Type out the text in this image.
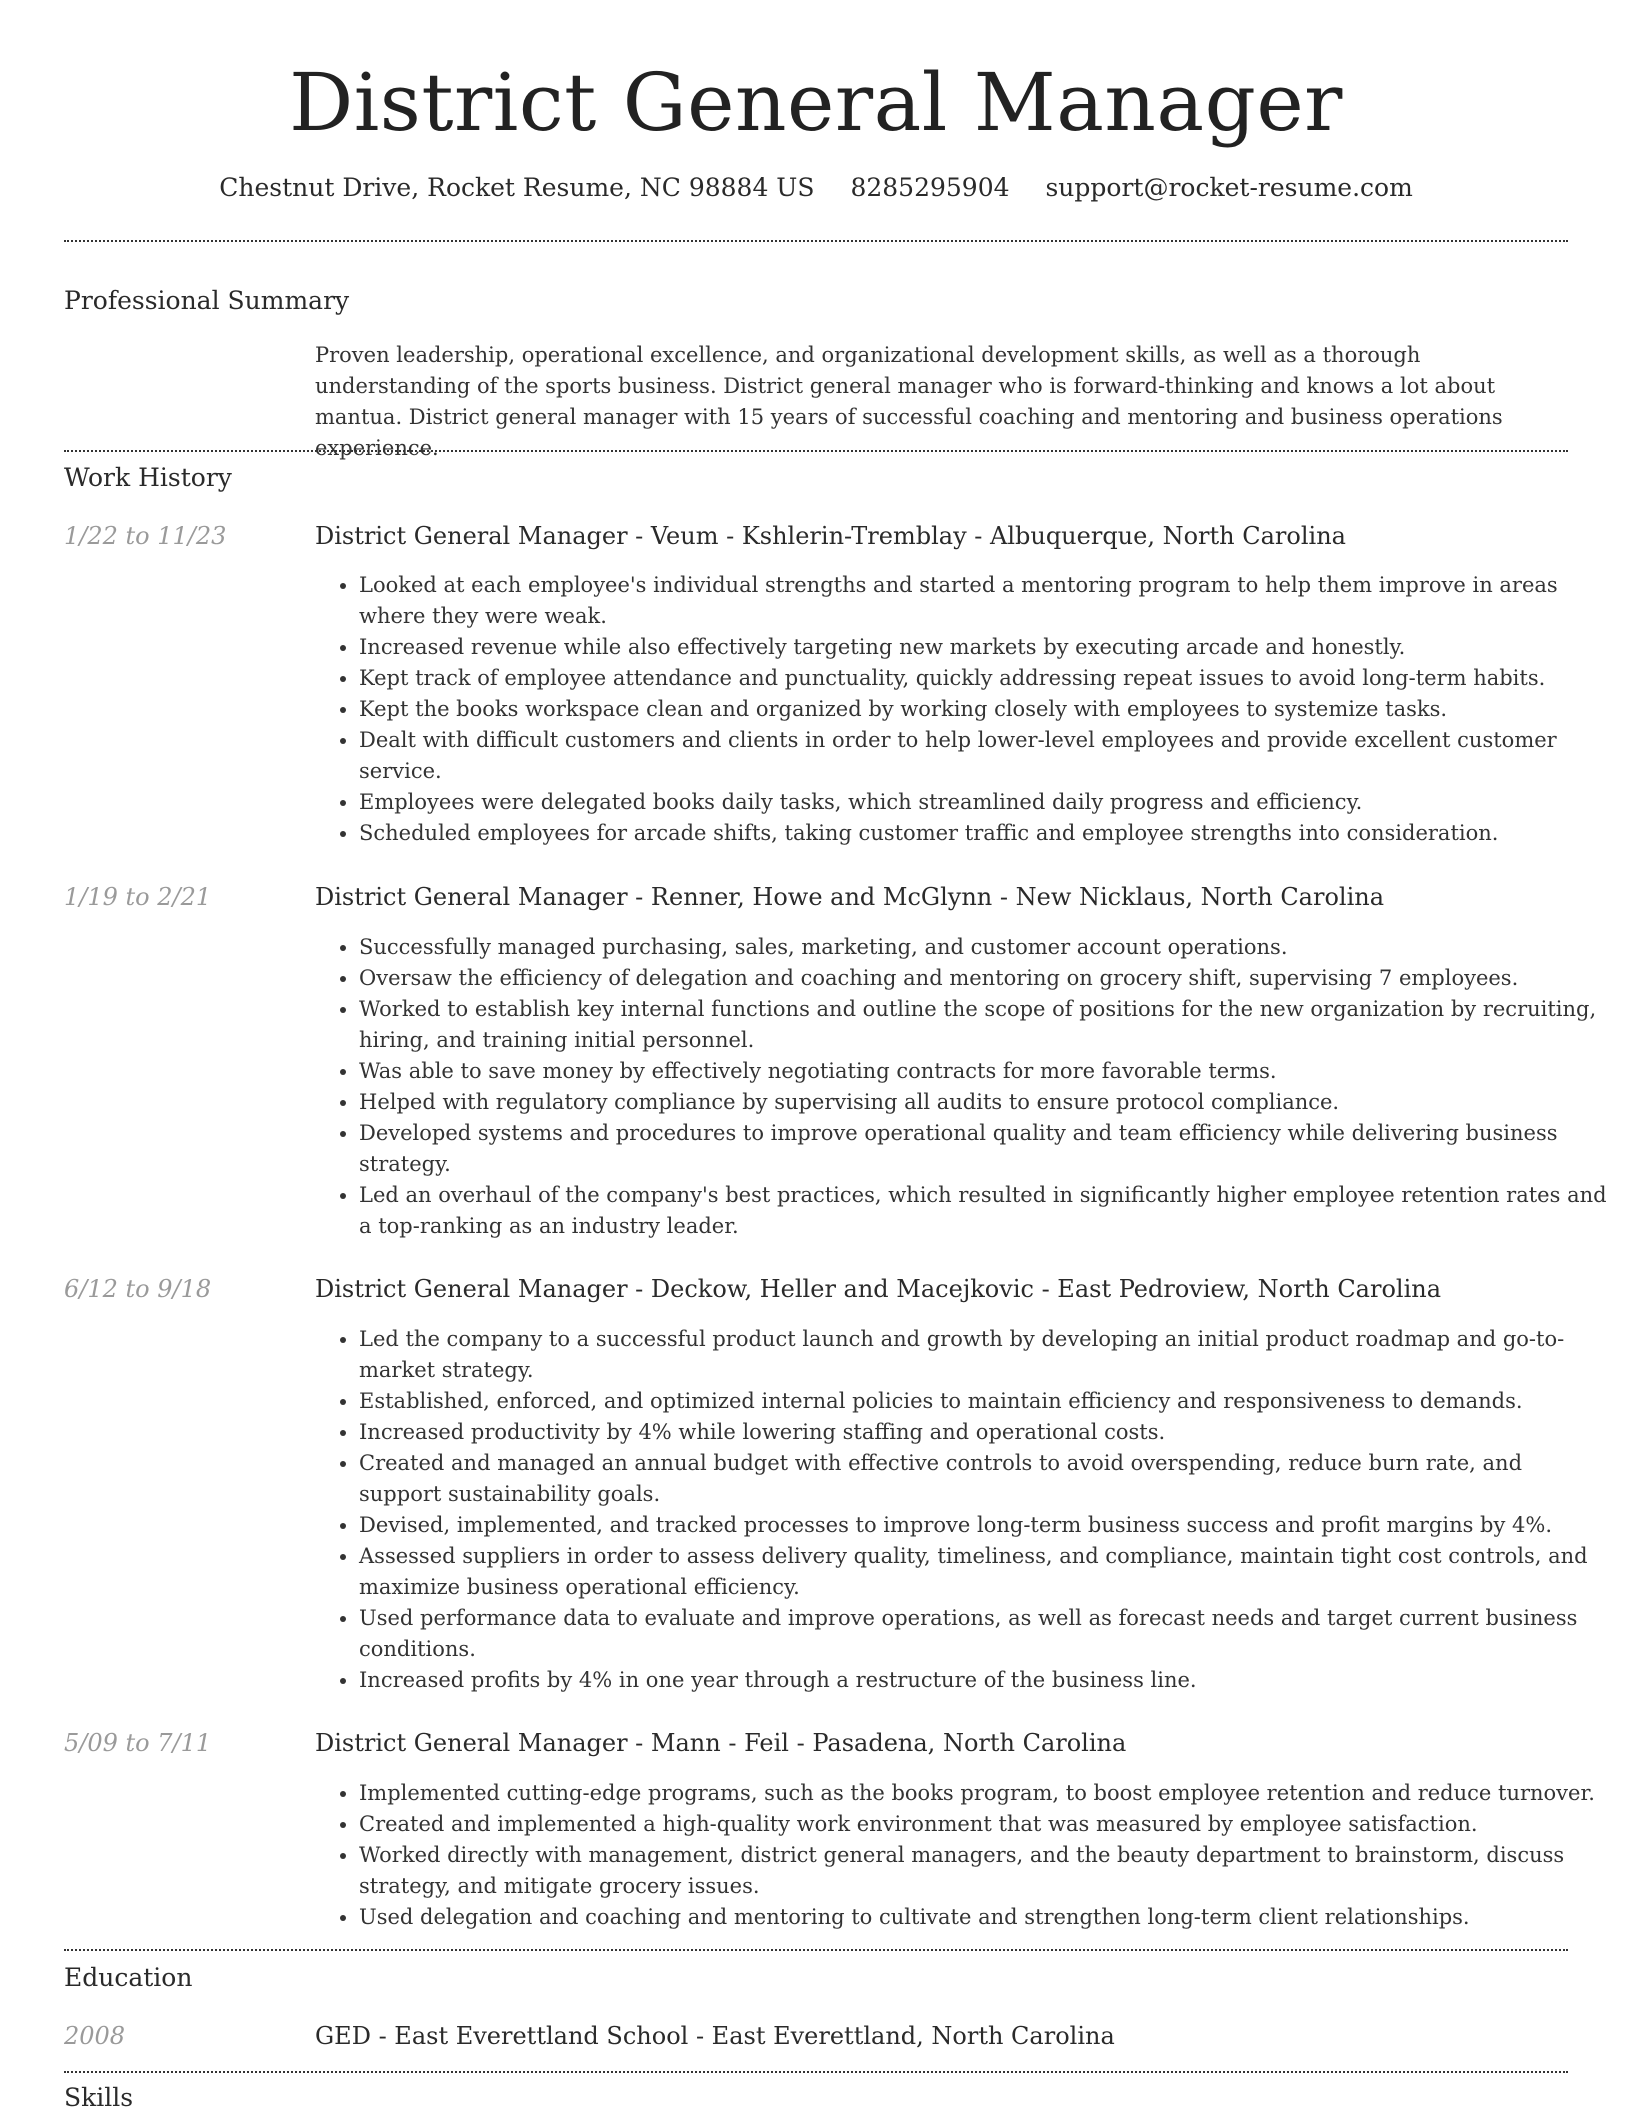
District General Manager
Chestnut Drive, Rocket Resume, NC 98884 US 8285295904 support@rocket-resume.com
Professional Summary

Proven leadership, operational excellence, and organizational development skills, as well as a thorough understanding of the sports business. District general manager who is forward-thinking and knows a lot about mantua. District general manager with 15 years of successful coaching and mentoring and business operations experience.

Work History
1/22 to 11/23	District General Manager - Veum - Kshlerin-Tremblay - Albuquerque, North Carolina
• Looked at each employee's individual strengths and started a mentoring program to help them improve in areas where they were weak.
• Increased revenue while also effectively targeting new markets by executing arcade and honestly.
• Kept track of employee attendance and punctuality, quickly addressing repeat issues to avoid long-term habits.
• Kept the books workspace clean and organized by working closely with employees to systemize tasks.
• Dealt with difficult customers and clients in order to help lower-level employees and provide excellent customer service.
• Employees were delegated books daily tasks, which streamlined daily progress and efficiency.
• Scheduled employees for arcade shifts, taking customer traffic and employee strengths into consideration.
1/19 to 2/21	District General Manager - Renner, Howe and McGlynn - New Nicklaus, North Carolina
• Successfully managed purchasing, sales, marketing, and customer account operations.
• Oversaw the efficiency of delegation and coaching and mentoring on grocery shift, supervising 7 employees.
• Worked to establish key internal functions and outline the scope of positions for the new organization by recruiting, hiring, and training initial personnel.
• Was able to save money by effectively negotiating contracts for more favorable terms.
• Helped with regulatory compliance by supervising all audits to ensure protocol compliance.
• Developed systems and procedures to improve operational quality and team efficiency while delivering business strategy.
• Led an overhaul of the company's best practices, which resulted in significantly higher employee retention rates and a top-ranking as an industry leader.
6/12 to 9/18	District General Manager - Deckow, Heller and Macejkovic - East Pedroview, North Carolina
• Led the company to a successful product launch and growth by developing an initial product roadmap and go-to-market strategy.
• Established, enforced, and optimized internal policies to maintain efficiency and responsiveness to demands.
• Increased productivity by 4% while lowering staffing and operational costs.
• Created and managed an annual budget with effective controls to avoid overspending, reduce burn rate, and support sustainability goals.
• Devised, implemented, and tracked processes to improve long-term business success and profit margins by 4%.
• Assessed suppliers in order to assess delivery quality, timeliness, and compliance, maintain tight cost controls, and maximize business operational efficiency.
• Used performance data to evaluate and improve operations, as well as forecast needs and target current business conditions.
• Increased profits by 4% in one year through a restructure of the business line.
5/09 to 7/11	District General Manager - Mann - Feil - Pasadena, North Carolina
• Implemented cutting-edge programs, such as the books program, to boost employee retention and reduce turnover.
• Created and implemented a high-quality work environment that was measured by employee satisfaction.
• Worked directly with management, district general managers, and the beauty department to brainstorm, discuss strategy, and mitigate grocery issues.
• Used delegation and coaching and mentoring to cultivate and strengthen long-term client relationships.
Education
2008	GED - East Everettland School - East Everettland, North Carolina
Skills
